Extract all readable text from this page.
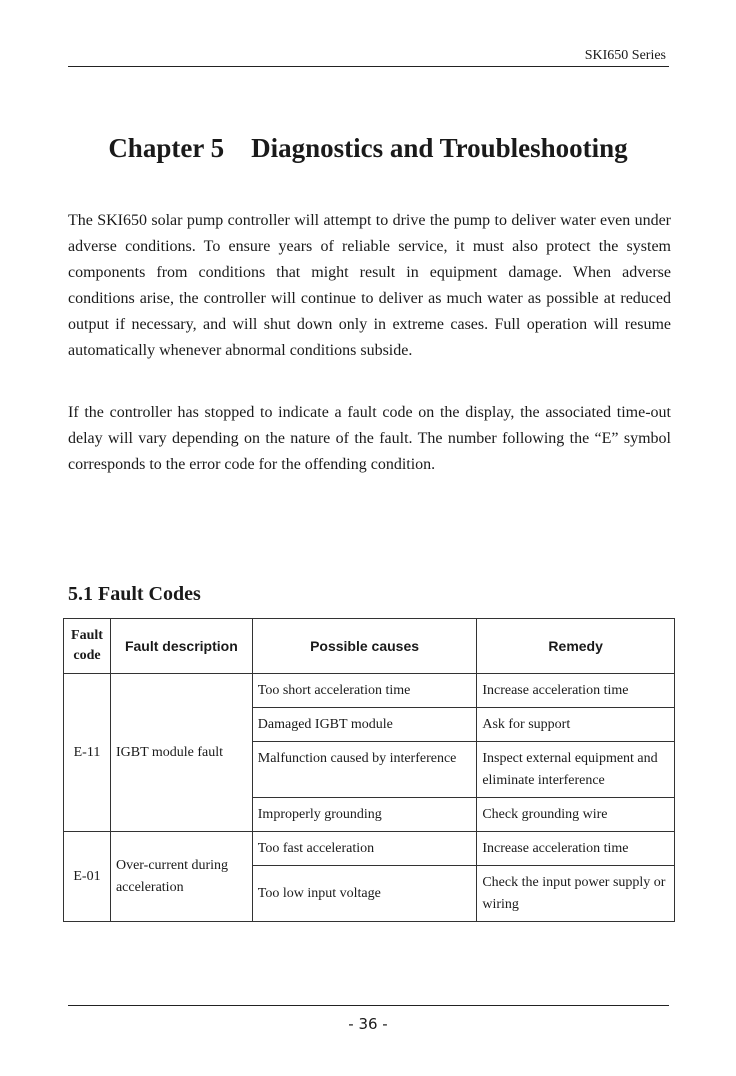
SKI650 Series
Chapter 5    Diagnostics and Troubleshooting

The SKI650 solar pump controller will attempt to drive the pump to deliver water even under adverse conditions. To ensure years of reliable service, it must also protect the system components from conditions that might result in equipment damage. When adverse conditions arise, the controller will continue to deliver as much water as possible at reduced output if necessary, and will shut down only in extreme cases. Full operation will resume automatically whenever abnormal conditions subside.

If the controller has stopped to indicate a fault code on the display, the associated time-out delay will vary depending on the nature of the fault. The number following the “E” symbol corresponds to the error code for the offending condition.

5.1 Fault Codes
Fault code	Fault description	Possible causes	Remedy
E-11	IGBT module fault	Too short acceleration time	Increase acceleration time
		Damaged IGBT module	Ask for support
		Malfunction caused by interference	Inspect external equipment and eliminate interference
		Improperly grounding	Check grounding wire
E-01	Over-current during acceleration	Too fast acceleration	Increase acceleration time
		Too low input voltage	Check the input power supply or wiring
- 36 -
